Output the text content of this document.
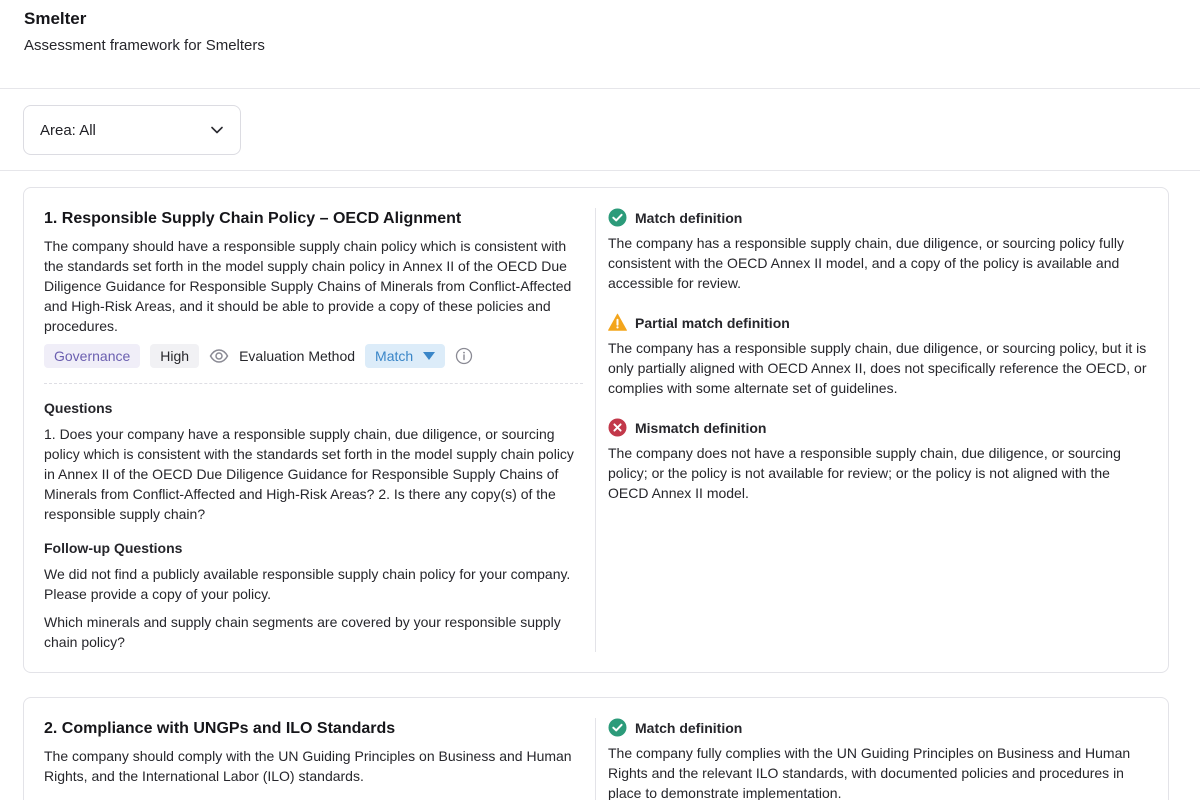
Smelter
Assessment framework for Smelters
Area: All
1. Responsible Supply Chain Policy – OECD Alignment
The company should have a responsible supply chain policy which is consistent with the standards set forth in the model supply chain policy in Annex II of the OECD Due Diligence Guidance for Responsible Supply Chains of Minerals from Conflict-Affected and High-Risk Areas, and it should be able to provide a copy of these policies and procedures.
Governance	High	Evaluation Method Match
Questions
1. Does your company have a responsible supply chain, due diligence, or sourcing policy which is consistent with the standards set forth in the model supply chain policy in Annex II of the OECD Due Diligence Guidance for Responsible Supply Chains of Minerals from Conflict-Affected and High-Risk Areas? 2. Is there any copy(s) of the responsible supply chain?
Follow-up Questions
We did not find a publicly available responsible supply chain policy for your company. Please provide a copy of your policy.
Which minerals and supply chain segments are covered by your responsible supply chain policy?
Match definition
The company has a responsible supply chain, due diligence, or sourcing policy fully consistent with the OECD Annex II model, and a copy of the policy is available and accessible for review.
Partial match definition
The company has a responsible supply chain, due diligence, or sourcing policy, but it is only partially aligned with OECD Annex II, does not specifically reference the OECD, or complies with some alternate set of guidelines.
Mismatch definition
The company does not have a responsible supply chain, due diligence, or sourcing policy; or the policy is not available for review; or the policy is not aligned with the OECD Annex II model.
2. Compliance with UNGPs and ILO Standards
The company should comply with the UN Guiding Principles on Business and Human Rights, and the International Labor (ILO) standards.
Match definition
The company fully complies with the UN Guiding Principles on Business and Human Rights and the relevant ILO standards, with documented policies and procedures in place to demonstrate implementation.
